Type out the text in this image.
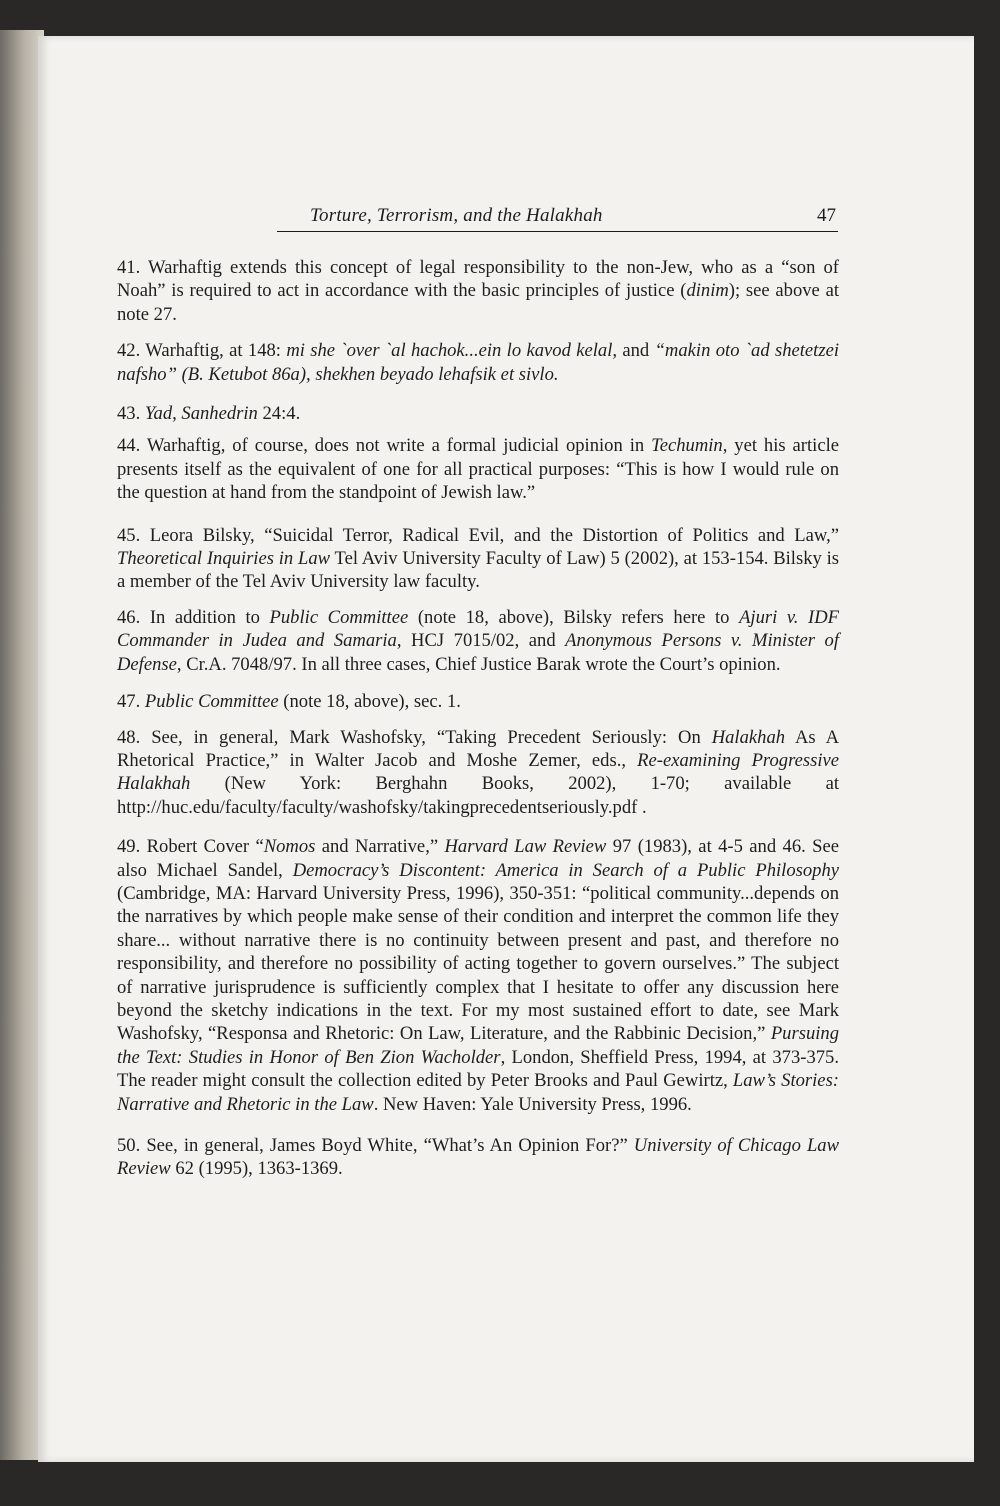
Torture, Terrorism, and the Halakhah	47

41. Warhaftig extends this concept of legal responsibility to the non-Jew, who as a “son of Noah” is required to act in accordance with the basic principles of justice (dinim); see above at note 27.

42. Warhaftig, at 148: mi she `over `al hachok...ein lo kavod kelal, and “makin oto `ad shetetzei nafsho” (B. Ketubot 86a), shekhen beyado lehafsik et sivlo.

43. Yad, Sanhedrin 24:4.

44. Warhaftig, of course, does not write a formal judicial opinion in Techumin, yet his article presents itself as the equivalent of one for all practical purposes: “This is how I would rule on the question at hand from the standpoint of Jewish law.”

45. Leora Bilsky, “Suicidal Terror, Radical Evil, and the Distortion of Politics and Law,” Theoretical Inquiries in Law Tel Aviv University Faculty of Law) 5 (2002), at 153-154. Bilsky is a member of the Tel Aviv University law faculty.

46. In addition to Public Committee (note 18, above), Bilsky refers here to Ajuri v. IDF Commander in Judea and Samaria, HCJ 7015/02, and Anonymous Persons v. Minister of Defense, Cr.A. 7048/97. In all three cases, Chief Justice Barak wrote the Court’s opinion.

47. Public Committee (note 18, above), sec. 1.

48. See, in general, Mark Washofsky, “Taking Precedent Seriously: On Halakhah As A Rhetorical Practice,” in Walter Jacob and Moshe Zemer, eds., Re-examining Progressive Halakhah (New York: Berghahn Books, 2002), 1-70; available at http://huc.edu/faculty/faculty/washofsky/takingprecedentseriously.pdf .

49. Robert Cover “Nomos and Narrative,” Harvard Law Review 97 (1983), at 4-5 and 46. See also Michael Sandel, Democracy’s Discontent: America in Search of a Public Philosophy (Cambridge, MA: Harvard University Press, 1996), 350-351: “political community...depends on the narratives by which people make sense of their condition and interpret the common life they share... without narrative there is no continuity between present and past, and therefore no responsibility, and therefore no possibility of acting together to govern ourselves.” The subject of narrative jurisprudence is sufficiently complex that I hesitate to offer any discussion here beyond the sketchy indications in the text. For my most sustained effort to date, see Mark Washofsky, “Responsa and Rhetoric: On Law, Literature, and the Rabbinic Decision,” Pursuing the Text: Studies in Honor of Ben Zion Wacholder, London, Sheffield Press, 1994, at 373-375. The reader might consult the collection edited by Peter Brooks and Paul Gewirtz, Law’s Stories: Narrative and Rhetoric in the Law. New Haven: Yale University Press, 1996.

50. See, in general, James Boyd White, “What’s An Opinion For?” University of Chicago Law Review 62 (1995), 1363-1369.
